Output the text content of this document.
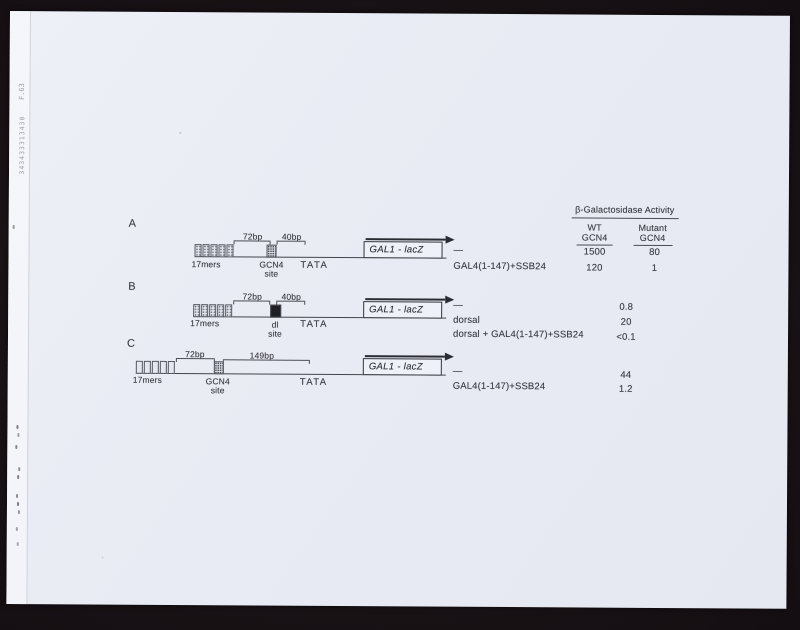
F.63
343433313430
β-Galactosidase Activity
WT
GCN4
Mutant
GCN4
—	1500	80
GAL4(1-147)+SSB24	120	1
—	0.8
dorsal	20
dorsal + GAL4(1-147)+SSB24	<0.1
—	44
GAL4(1-147)+SSB24	1.2
A
17mers
72bp	40bp
GCN4
site
TATA
GAL1 - lacZ
B
17mers
72bp	40bp
dl
site
TATA
GAL1 - lacZ
C
17mers
72bp	149bp
GCN4
site
TATA
GAL1 - lacZ
